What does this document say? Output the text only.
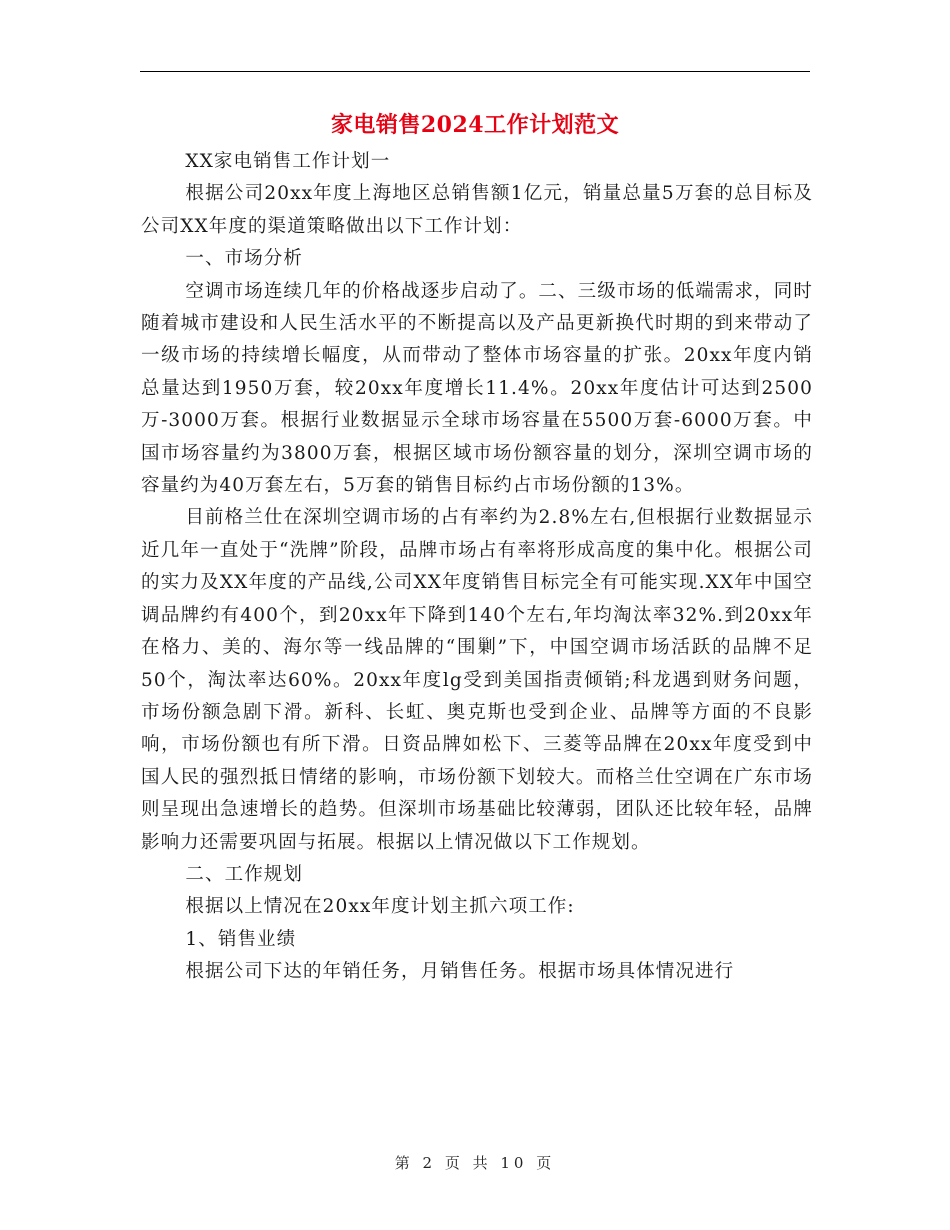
家电销售2024工作计划范文

XX家电销售工作计划一

根据公司20xx年度上海地区总销售额1亿元，销量总量5万套的总目标及公司XX年度的渠道策略做出以下工作计划：

一、市场分析

空调市场连续几年的价格战逐步启动了。二、三级市场的低端需求，同时随着城市建设和人民生活水平的不断提高以及产品更新换代时期的到来带动了一级市场的持续增长幅度，从而带动了整体市场容量的扩张。20xx年度内销总量达到1950万套，较20xx年度增长11.4%。20xx年度估计可达到2500万-3000万套。根据行业数据显示全球市场容量在5500万套-6000万套。中国市场容量约为3800万套，根据区域市场份额容量的划分，深圳空调市场的容量约为40万套左右，5万套的销售目标约占市场份额的13%。

目前格兰仕在深圳空调市场的占有率约为2.8%左右,但根据行业数据显示近几年一直处于“洗牌”阶段，品牌市场占有率将形成高度的集中化。根据公司的实力及XX年度的产品线,公司XX年度销售目标完全有可能实现.XX年中国空调品牌约有400个，到20xx年下降到140个左右,年均淘汰率32%.到20xx年在格力、美的、海尔等一线品牌的“围剿”下，中国空调市场活跃的品牌不足50个，淘汰率达60%。20xx年度lg受到美国指责倾销;科龙遇到财务问题，市场份额急剧下滑。新科、长虹、奥克斯也受到企业、品牌等方面的不良影响，市场份额也有所下滑。日资品牌如松下、三菱等品牌在20xx年度受到中国人民的强烈抵日情绪的影响，市场份额下划较大。而格兰仕空调在广东市场则呈现出急速增长的趋势。但深圳市场基础比较薄弱，团队还比较年轻，品牌影响力还需要巩固与拓展。根据以上情况做以下工作规划。

二、工作规划

根据以上情况在20xx年度计划主抓六项工作:

1、销售业绩

根据公司下达的年销任务，月销售任务。根据市场具体情况进行

第 2 页 共 10 页
